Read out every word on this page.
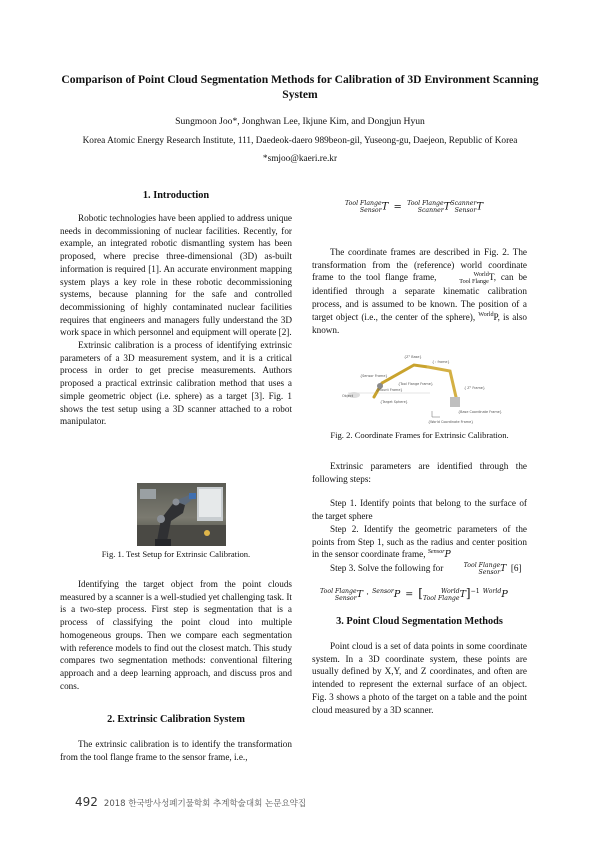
Comparison of Point Cloud Segmentation Methods for Calibration of 3D Environment Scanning System
Sungmoon Joo*, Jonghwan Lee, Ikjune Kim, and Dongjun Hyun
Korea Atomic Energy Research Institute, 111, Daedeok-daero 989beon-gil, Yuseong-gu, Daejeon, Republic of Korea
*smjoo@kaeri.re.kr
1. Introduction

Robotic technologies have been applied to address unique needs in decommissioning of nuclear facilities. Recently, for example, an integrated robotic dismantling system has been proposed, where precise three-dimensional (3D) as-built information is required [1]. An accurate environment mapping system plays a key role in these robotic decommissioning systems, because planning for the safe and controlled decommissioning of highly contaminated nuclear facilities requires that engineers and managers fully understand the 3D work space in which personnel and equipment will operate [2].

Extrinsic calibration is a process of identifying extrinsic parameters of a 3D measurement system, and it is a critical process in order to get precise measurements. Authors proposed a practical extrinsic calibration method that uses a simple geometric object (i.e. sphere) as a target [3]. Fig. 1 shows the test setup using a 3D scanner attached to a robot manipulator.

Fig. 1. Test Setup for Extrinsic Calibration.

Identifying the target object from the point clouds measured by a scanner is a well-studied yet challenging task. It is a two-step process. First step is segmentation that is a process of classifying the point cloud into multiple homogeneous groups. Then we compare each segmentation with reference models to find out the closest match. This study compares two segmentation methods: conventional filtering approach and a deep learning approach, and discuss pros and cons.

2. Extrinsic Calibration System

The extrinsic calibration is to identify the transformation from the tool flange frame to the sensor frame, i.e.,

Tool Flange
Sensor T = Tool Flange
Scanner T Scanner
Sensor T

The coordinate frames are described in Fig. 2. The transformation from the (reference) world coordinate frame to the tool flange frame,	World
Tool Flange T, can be identified through a separate kinematic calibration process, and is assumed to be known. The position of a target object (i.e., the center of the sphere), $^{World}$P, is also known.

Object
{Z° Base}
{ : frame}
{Sensor Frame}
{Mount Frame}
{Tool Flange Frame}
{Target Sphere}
{ Z° Frame}
{Base Coordinate Frame}
{World Coordinate Frame}
Fig. 2. Coordinate Frames for Extrinsic Calibration.

Extrinsic parameters are identified through the following steps:

Step 1. Identify points that belong to the surface of the target sphere

Step 2. Identify the geometric parameters of the points from Step 1, such as the radius and center position in the sensor coordinate frame, $^{Sensor}$P

Step 3. Solve the following for	Tool Flange
Sensor T [6]

Tool Flange
Sensor T · $^{Sensor}$P = [	World
Tool Flange T]$^{-1}$ $^{World}$P
3. Point Cloud Segmentation Methods

Point cloud is a set of data points in some coordinate system. In a 3D coordinate system, these points are usually defined by X,Y, and Z coordinates, and often are intended to represent the external surface of an object. Fig. 3 shows a photo of the target on a table and the point cloud measured by a 3D scanner.

492 2018 한국방사성폐기물학회 추계학술대회 논문요약집
